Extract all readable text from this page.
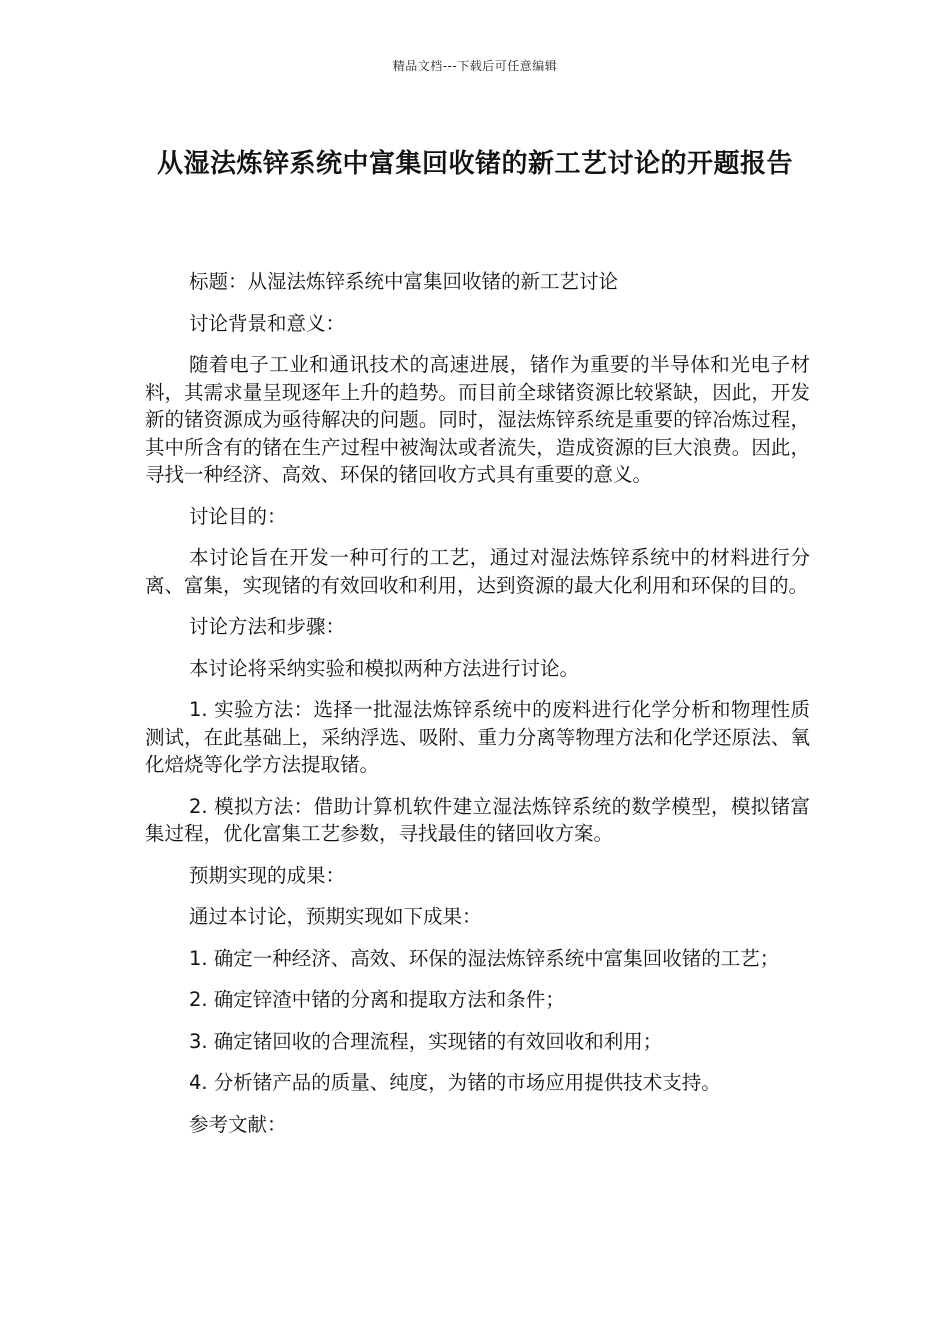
精品文档---下载后可任意编辑
从湿法炼锌系统中富集回收锗的新工艺讨论的开题报告

标题：从湿法炼锌系统中富集回收锗的新工艺讨论

讨论背景和意义：

随着电子工业和通讯技术的高速进展，锗作为重要的半导体和光电子材料，其需求量呈现逐年上升的趋势。而目前全球锗资源比较紧缺，因此，开发新的锗资源成为亟待解决的问题。同时，湿法炼锌系统是重要的锌冶炼过程，其中所含有的锗在生产过程中被淘汰或者流失，造成资源的巨大浪费。因此，寻找一种经济、高效、环保的锗回收方式具有重要的意义。

讨论目的：

本讨论旨在开发一种可行的工艺，通过对湿法炼锌系统中的材料进行分离、富集，实现锗的有效回收和利用，达到资源的最大化利用和环保的目的。

讨论方法和步骤：

本讨论将采纳实验和模拟两种方法进行讨论。

1. 实验方法：选择一批湿法炼锌系统中的废料进行化学分析和物理性质测试，在此基础上，采纳浮选、吸附、重力分离等物理方法和化学还原法、氧化焙烧等化学方法提取锗。

2. 模拟方法：借助计算机软件建立湿法炼锌系统的数学模型，模拟锗富集过程，优化富集工艺参数，寻找最佳的锗回收方案。

预期实现的成果：

通过本讨论，预期实现如下成果：

1. 确定一种经济、高效、环保的湿法炼锌系统中富集回收锗的工艺；

2. 确定锌渣中锗的分离和提取方法和条件；

3. 确定锗回收的合理流程，实现锗的有效回收和利用；

4. 分析锗产品的质量、纯度，为锗的市场应用提供技术支持。

参考文献：
